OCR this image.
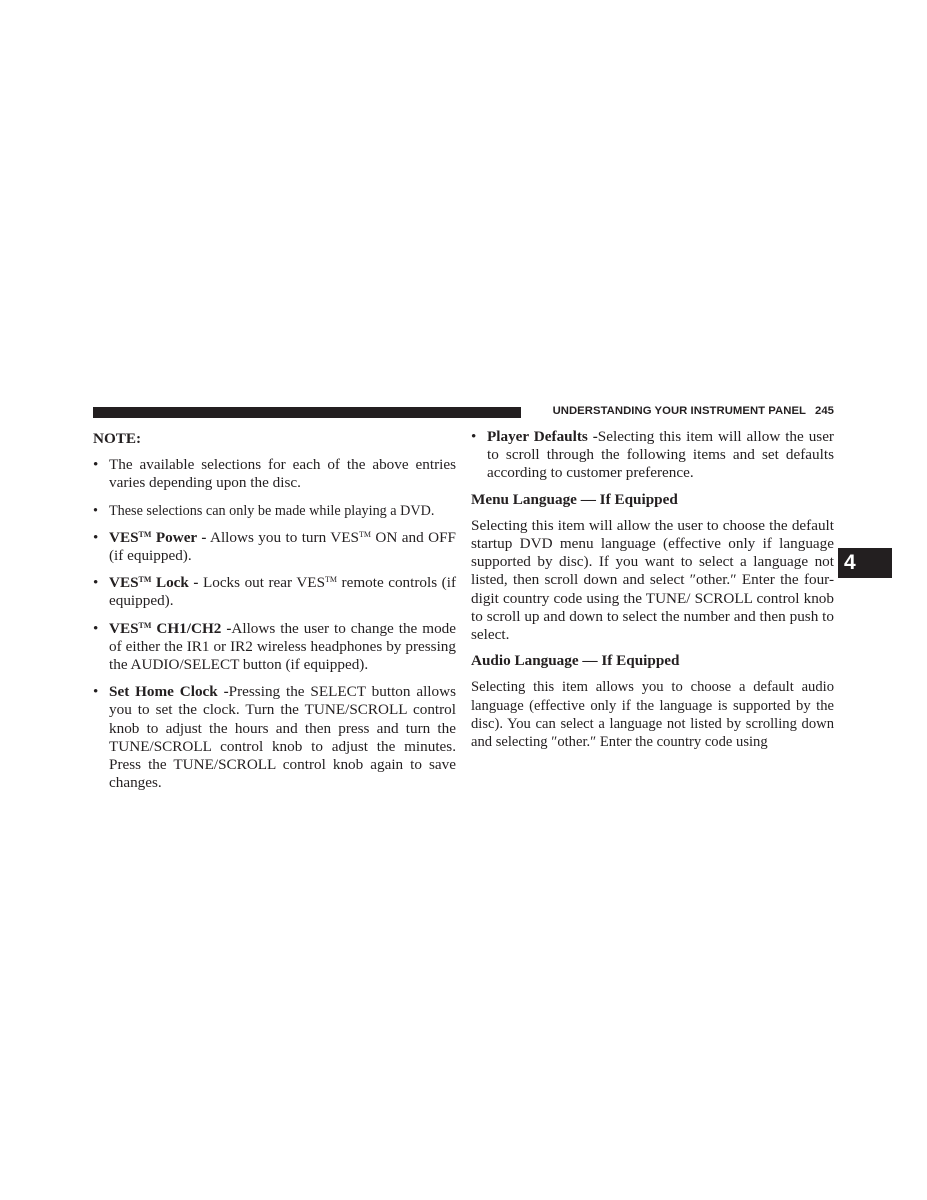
UNDERSTANDING YOUR INSTRUMENT PANEL 245
4
NOTE:
• The available selections for each of the above entries varies depending upon the disc.
• These selections can only be made while playing a DVD.
• VES™ Power - Allows you to turn VES™ ON and OFF (if equipped).
• VES™ Lock - Locks out rear VES™ remote controls (if equipped).
• VES™ CH1/CH2 -Allows the user to change the mode of either the IR1 or IR2 wireless headphones by pressing the AUDIO/SELECT button (if equipped).
• Set Home Clock -Pressing the SELECT button allows you to set the clock. Turn the TUNE/SCROLL control knob to adjust the hours and then press and turn the TUNE/SCROLL control knob to adjust the minutes. Press the TUNE/SCROLL control knob again to save changes.
• Player Defaults -Selecting this item will allow the user to scroll through the following items and set defaults according to customer preference.
Menu Language — If Equipped

Selecting this item will allow the user to choose the default startup DVD menu language (effective only if language supported by disc). If you want to select a language not listed, then scroll down and select ″other.″ Enter the four-digit country code using the TUNE/ SCROLL control knob to scroll up and down to select the number and then push to select.

Audio Language — If Equipped

Selecting this item allows you to choose a default audio language (effective only if the language is supported by the disc). You can select a language not listed by scrolling down and selecting ″other.″ Enter the country code using
